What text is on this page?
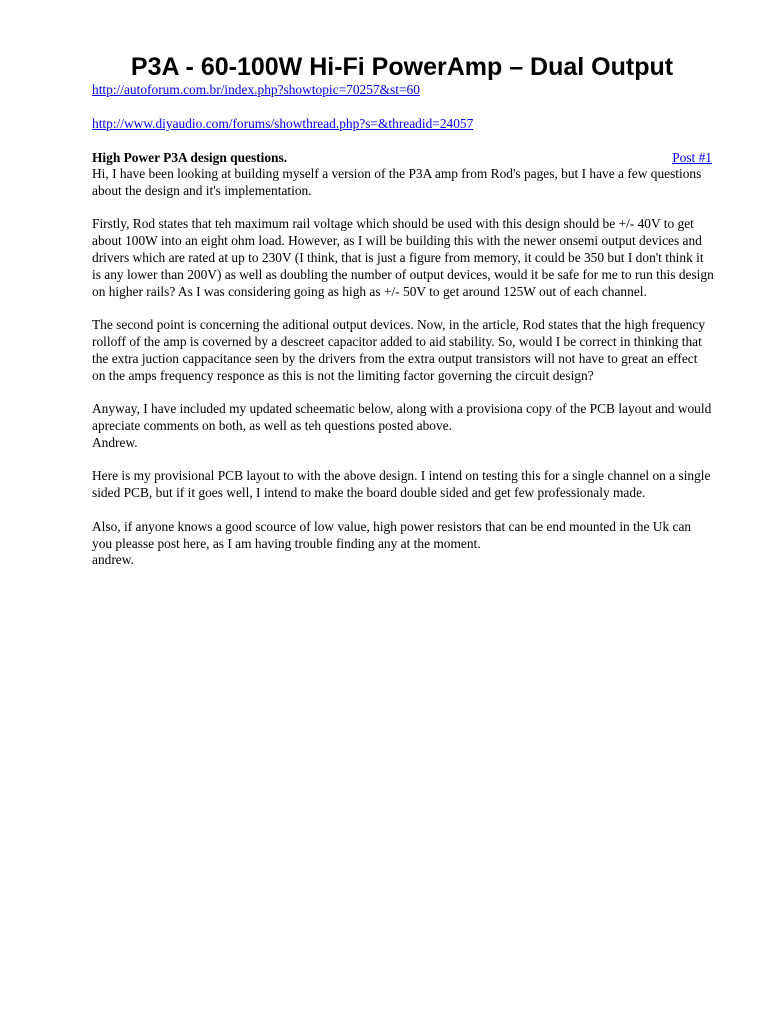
P3A - 60-100W Hi-Fi PowerAmp – Dual Output
http://autoforum.com.br/index.php?showtopic=70257&st=60
http://www.diyaudio.com/forums/showthread.php?s=&threadid=24057
High Power P3A design questions.	Post #1

Hi, I have been looking at building myself a version of the P3A amp from Rod's pages, but I have a few questions about the design and it's implementation.

Firstly, Rod states that teh maximum rail voltage which should be used with this design should be +/- 40V to get about 100W into an eight ohm load. However, as I will be building this with the newer onsemi output devices and drivers which are rated at up to 230V (I think, that is just a figure from memory, it could be 350 but I don't think it is any lower than 200V) as well as doubling the number of output devices, would it be safe for me to run this design on higher rails? As I was considering going as high as +/- 50V to get around 125W out of each channel.

The second point is concerning the aditional output devices. Now, in the article, Rod states that the high frequency rolloff of the amp is coverned by a descreet capacitor added to aid stability. So, would I be correct in thinking that the extra juction cappacitance seen by the drivers from the extra output transistors will not have to great an effect on the amps frequency responce as this is not the limiting factor governing the circuit design?

Anyway, I have included my updated scheematic below, along with a provisiona copy of the PCB layout and would apreciate comments on both, as well as teh questions posted above.
Andrew.

Here is my provisional PCB layout to with the above design. I intend on testing this for a single channel on a single sided PCB, but if it goes well, I intend to make the board double sided and get few professionaly made.

Also, if anyone knows a good scource of low value, high power resistors that can be end mounted in the Uk can you pleasse post here, as I am having trouble finding any at the moment.
andrew.
